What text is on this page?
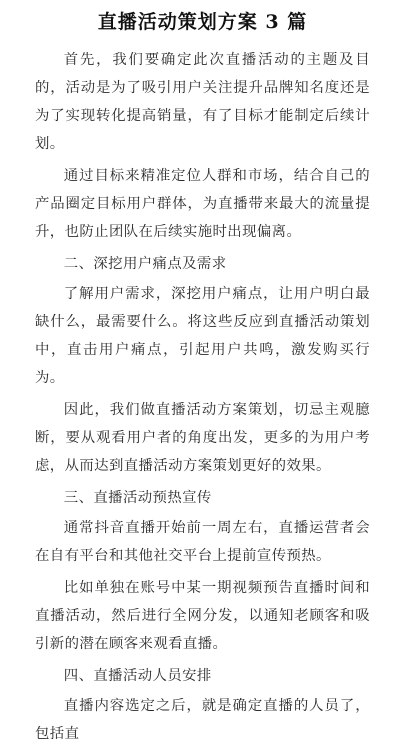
直播活动策划方案 3 篇

首先，我们要确定此次直播活动的主题及目的，活动是为了吸引用户关注提升品牌知名度还是为了实现转化提高销量，有了目标才能制定后续计划。

通过目标来精准定位人群和市场，结合自己的产品圈定目标用户群体，为直播带来最大的流量提升，也防止团队在后续实施时出现偏离。

二、深挖用户痛点及需求

了解用户需求，深挖用户痛点，让用户明白最缺什么，最需要什么。将这些反应到直播活动策划中，直击用户痛点，引起用户共鸣，激发购买行为。

因此，我们做直播活动方案策划，切忌主观臆断，要从观看用户者的角度出发，更多的为用户考虑，从而达到直播活动方案策划更好的效果。

三、直播活动预热宣传

通常抖音直播开始前一周左右，直播运营者会在自有平台和其他社交平台上提前宣传预热。

比如单独在账号中某一期视频预告直播时间和直播活动，然后进行全网分发，以通知老顾客和吸引新的潜在顾客来观看直播。

四、直播活动人员安排

直播内容选定之后，就是确定直播的人员了，包括直
